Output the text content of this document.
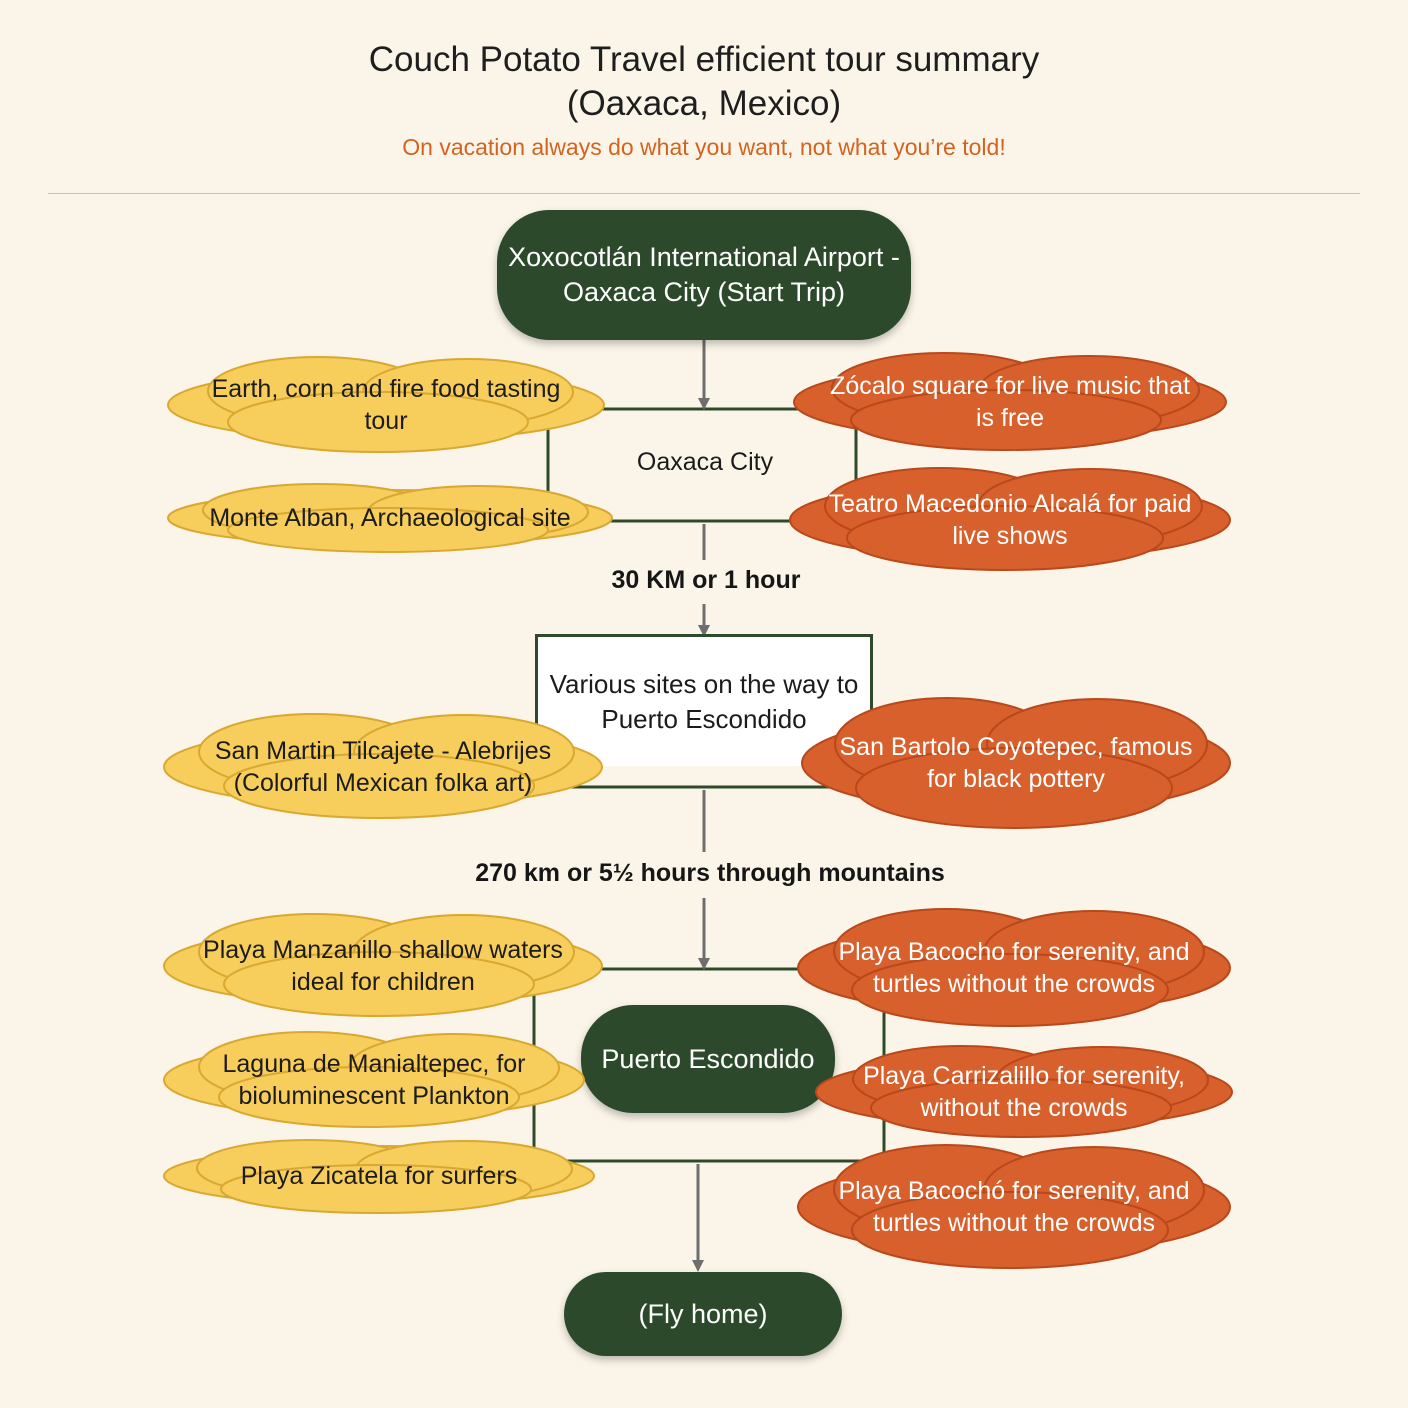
Couch Potato Travel efficient tour summary
(Oaxaca, Mexico)
On vacation always do what you want, not what you’re told!
Xoxocotlán International Airport - Oaxaca City (Start Trip)
Oaxaca City
30 KM or 1 hour
Various sites on the way to Puerto Escondido
270 km or 5½ hours through mountains
Puerto Escondido
(Fly home)
Earth, corn and fire food tasting tour
Monte Alban, Archaeological site
San Martin Tilcajete - Alebrijes (Colorful Mexican folka art)
Playa Manzanillo shallow waters ideal for children
Laguna de Manialtepec, for bioluminescent Plankton
Playa Zicatela for surfers
Zócalo square for live music that is free
Teatro Macedonio Alcalá for paid live shows
San Bartolo Coyotepec, famous for black pottery
Playa Bacocho for serenity, and turtles without the crowds
Playa Carrizalillo for serenity, without the crowds
Playa Bacochó for serenity, and turtles without the crowds
